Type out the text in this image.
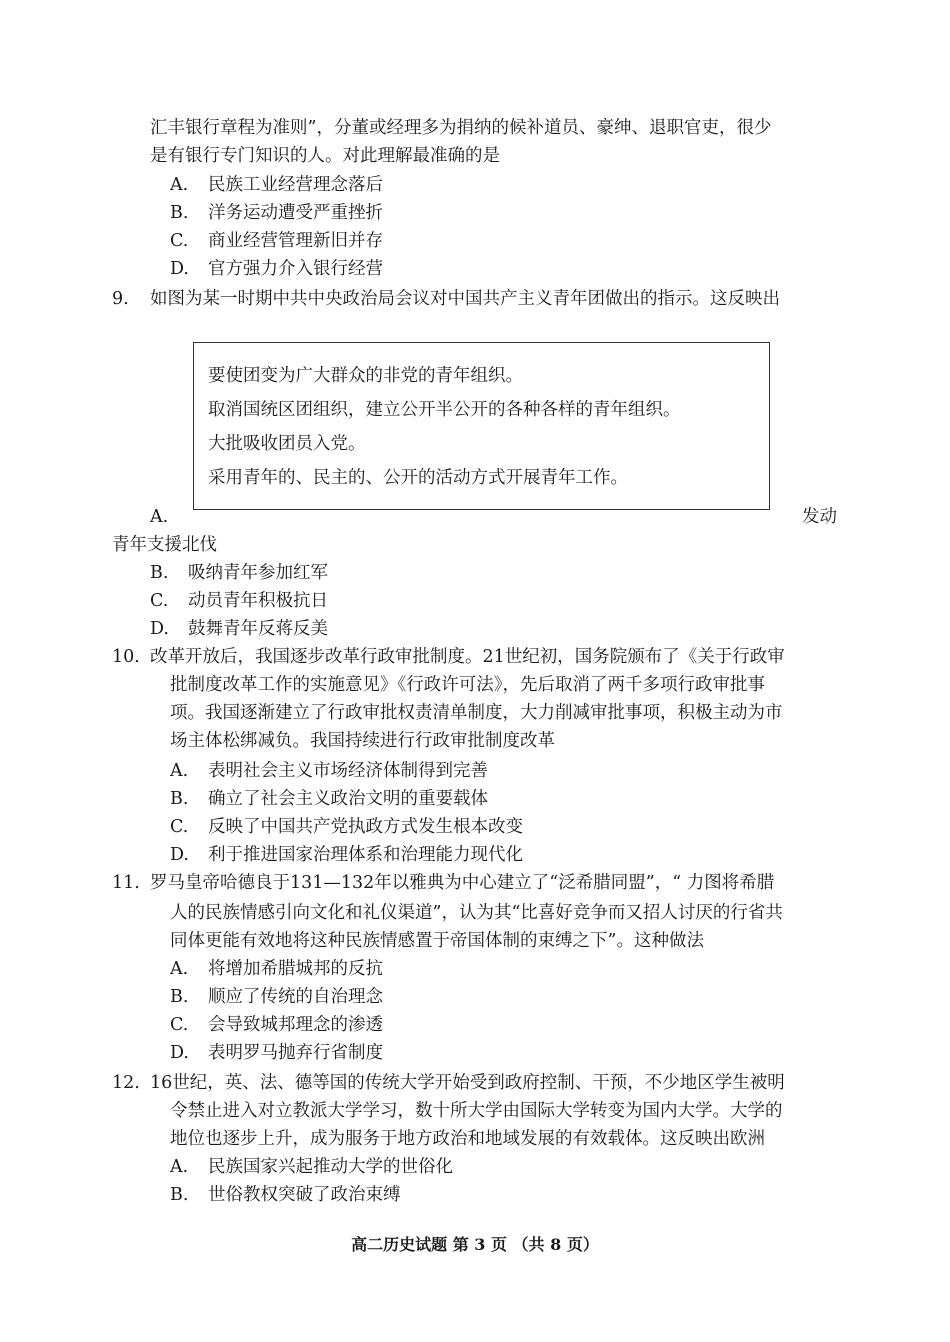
汇丰银行章程为准则”，分董或经理多为捐纳的候补道员、豪绅、退职官吏，很少
是有银行专门知识的人。对此理解最准确的是
A. 民族工业经营理念落后
B. 洋务运动遭受严重挫折
C. 商业经营管理新旧并存
D. 官方强力介入银行经营
9. 如图为某一时期中共中央政治局会议对中国共产主义青年团做出的指示。这反映出
要使团变为广大群众的非党的青年组织。
取消国统区团组织，建立公开半公开的各种各样的青年组织。
大批吸收团员入党。
采用青年的、民主的、公开的活动方式开展青年工作。
A.	发动
青年支援北伐
B. 吸纳青年参加红军
C. 动员青年积极抗日
D. 鼓舞青年反蒋反美
10. 改革开放后，我国逐步改革行政审批制度。21世纪初，国务院颁布了《关于行政审
批制度改革工作的实施意见》《行政许可法》，先后取消了两千多项行政审批事
项。我国逐渐建立了行政审批权责清单制度，大力削减审批事项，积极主动为市
场主体松绑减负。我国持续进行行政审批制度改革
A. 表明社会主义市场经济体制得到完善
B. 确立了社会主义政治文明的重要载体
C. 反映了中国共产党执政方式发生根本改变
D. 利于推进国家治理体系和治理能力现代化
11. 罗马皇帝哈德良于131—132年以雅典为中心建立了“泛希腊同盟”，“ 力图将希腊
人的民族情感引向文化和礼仪渠道”，认为其“比喜好竞争而又招人讨厌的行省共
同体更能有效地将这种民族情感置于帝国体制的束缚之下”。这种做法
A. 将增加希腊城邦的反抗
B. 顺应了传统的自治理念
C. 会导致城邦理念的渗透
D. 表明罗马抛弃行省制度
12. 16世纪，英、法、德等国的传统大学开始受到政府控制、干预，不少地区学生被明
令禁止进入对立教派大学学习，数十所大学由国际大学转变为国内大学。大学的
地位也逐步上升，成为服务于地方政治和地域发展的有效载体。这反映出欧洲
A. 民族国家兴起推动大学的世俗化
B. 世俗教权突破了政治束缚
高二历史试题 第 3 页 （共 8 页）
